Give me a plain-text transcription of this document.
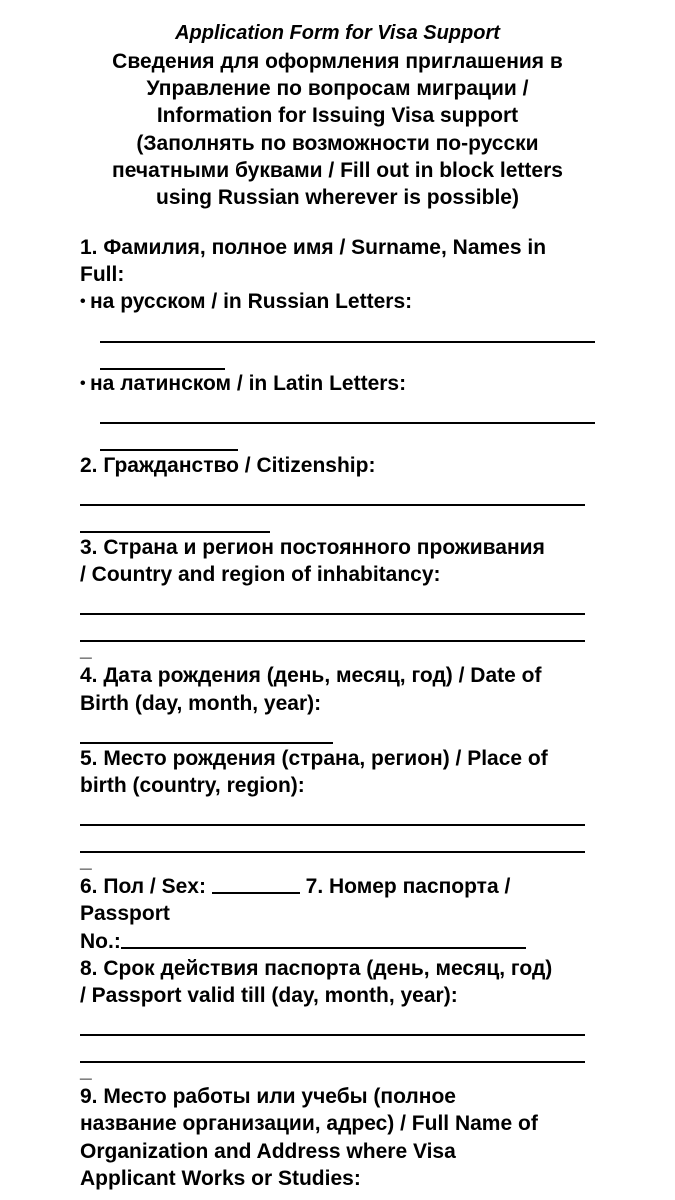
Application Form for Visa Support
Сведения для оформления приглашения в
Управление по вопросам миграции /
Information for Issuing Visa support
(Заполнять по возможности по-русски
печатными буквами / Fill out in block letters
using Russian wherever is possible)
1. Фамилия, полное имя / Surname, Names in
Full:
• на русском / in Russian Letters:
• на латинском / in Latin Letters:
2. Гражданство / Citizenship:
3. Страна и регион постоянного проживания
/ Country and region of inhabitancy:
_
4. Дата рождения (день, месяц, год) / Date of
Birth (day, month, year):
5. Место рождения (страна, регион) / Place of
birth (country, region):
_
6. Пол / Sex:	7. Номер паспорта /
Passport
No.:
8. Срок действия паспорта (день, месяц, год)
/ Passport valid till (day, month, year):
_
9. Место работы или учебы (полное
название организации, адрес) / Full Name of
Organization and Address where Visa
Applicant Works or Studies:
